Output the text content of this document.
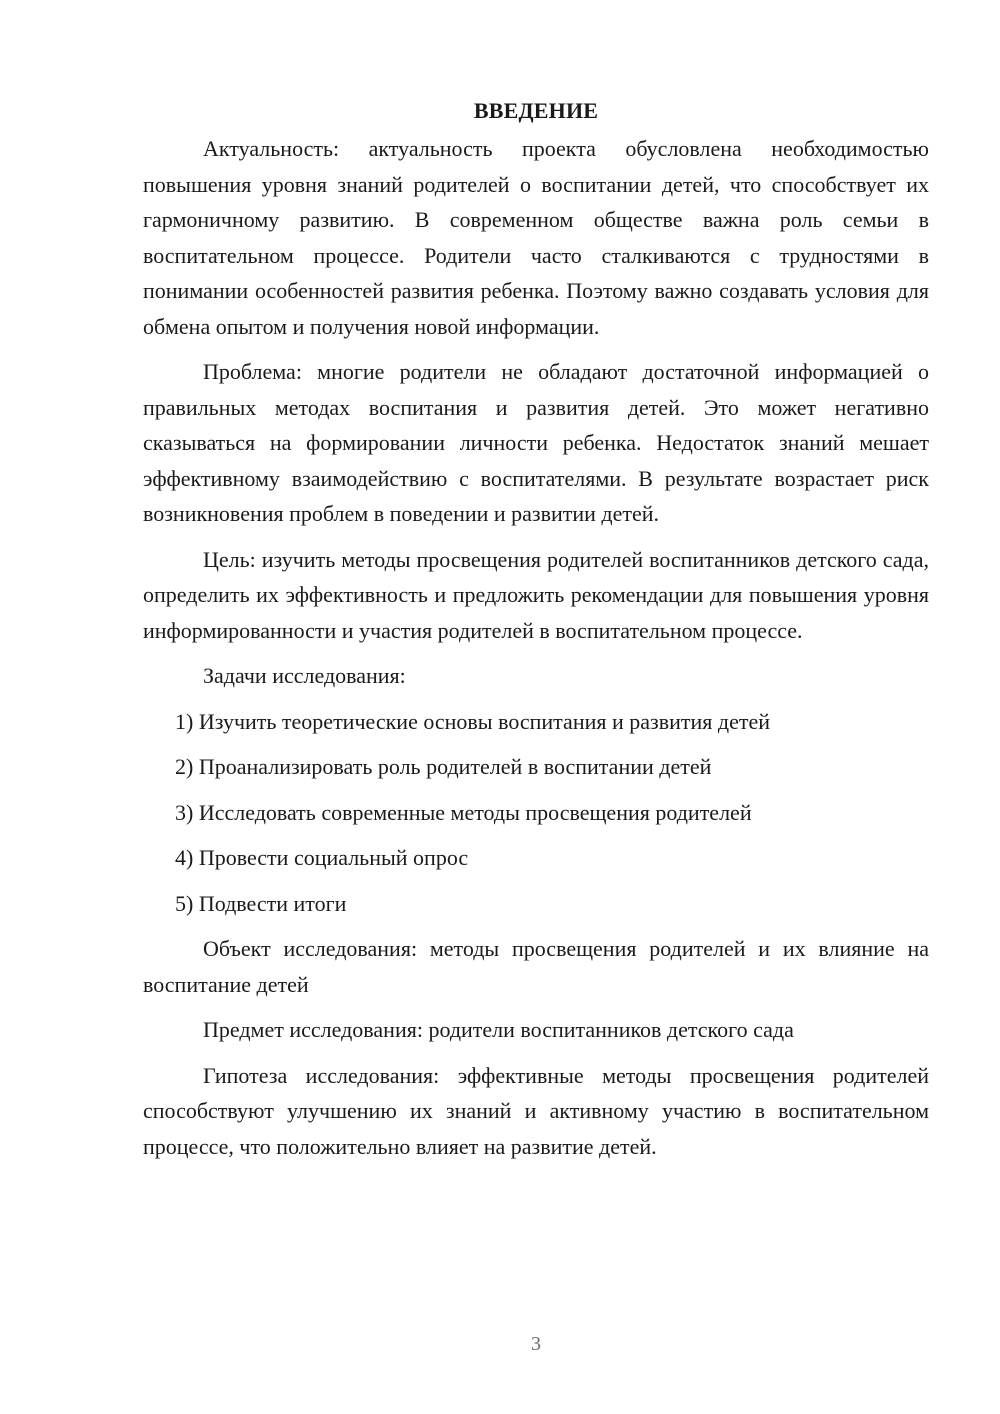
ВВЕДЕНИЕ

Актуальность: актуальность проекта обусловлена необходимостью повышения уровня знаний родителей о воспитании детей, что способствует их гармоничному развитию. В современном обществе важна роль семьи в воспитательном процессе. Родители часто сталкиваются с трудностями в понимании особенностей развития ребенка. Поэтому важно создавать условия для обмена опытом и получения новой информации.

Проблема: многие родители не обладают достаточной информацией о правильных методах воспитания и развития детей. Это может негативно сказываться на формировании личности ребенка. Недостаток знаний мешает эффективному взаимодействию с воспитателями. В результате возрастает риск возникновения проблем в поведении и развитии детей.

Цель: изучить методы просвещения родителей воспитанников детского сада, определить их эффективность и предложить рекомендации для повышения уровня информированности и участия родителей в воспитательном процессе.

Задачи исследования:

1) Изучить теоретические основы воспитания и развития детей
2) Проанализировать роль родителей в воспитании детей
3) Исследовать современные методы просвещения родителей
4) Провести социальный опрос
5) Подвести итоги

Объект исследования: методы просвещения родителей и их влияние на воспитание детей

Предмет исследования: родители воспитанников детского сада

Гипотеза исследования: эффективные методы просвещения родителей способствуют улучшению их знаний и активному участию в воспитательном процессе, что положительно влияет на развитие детей.

3
